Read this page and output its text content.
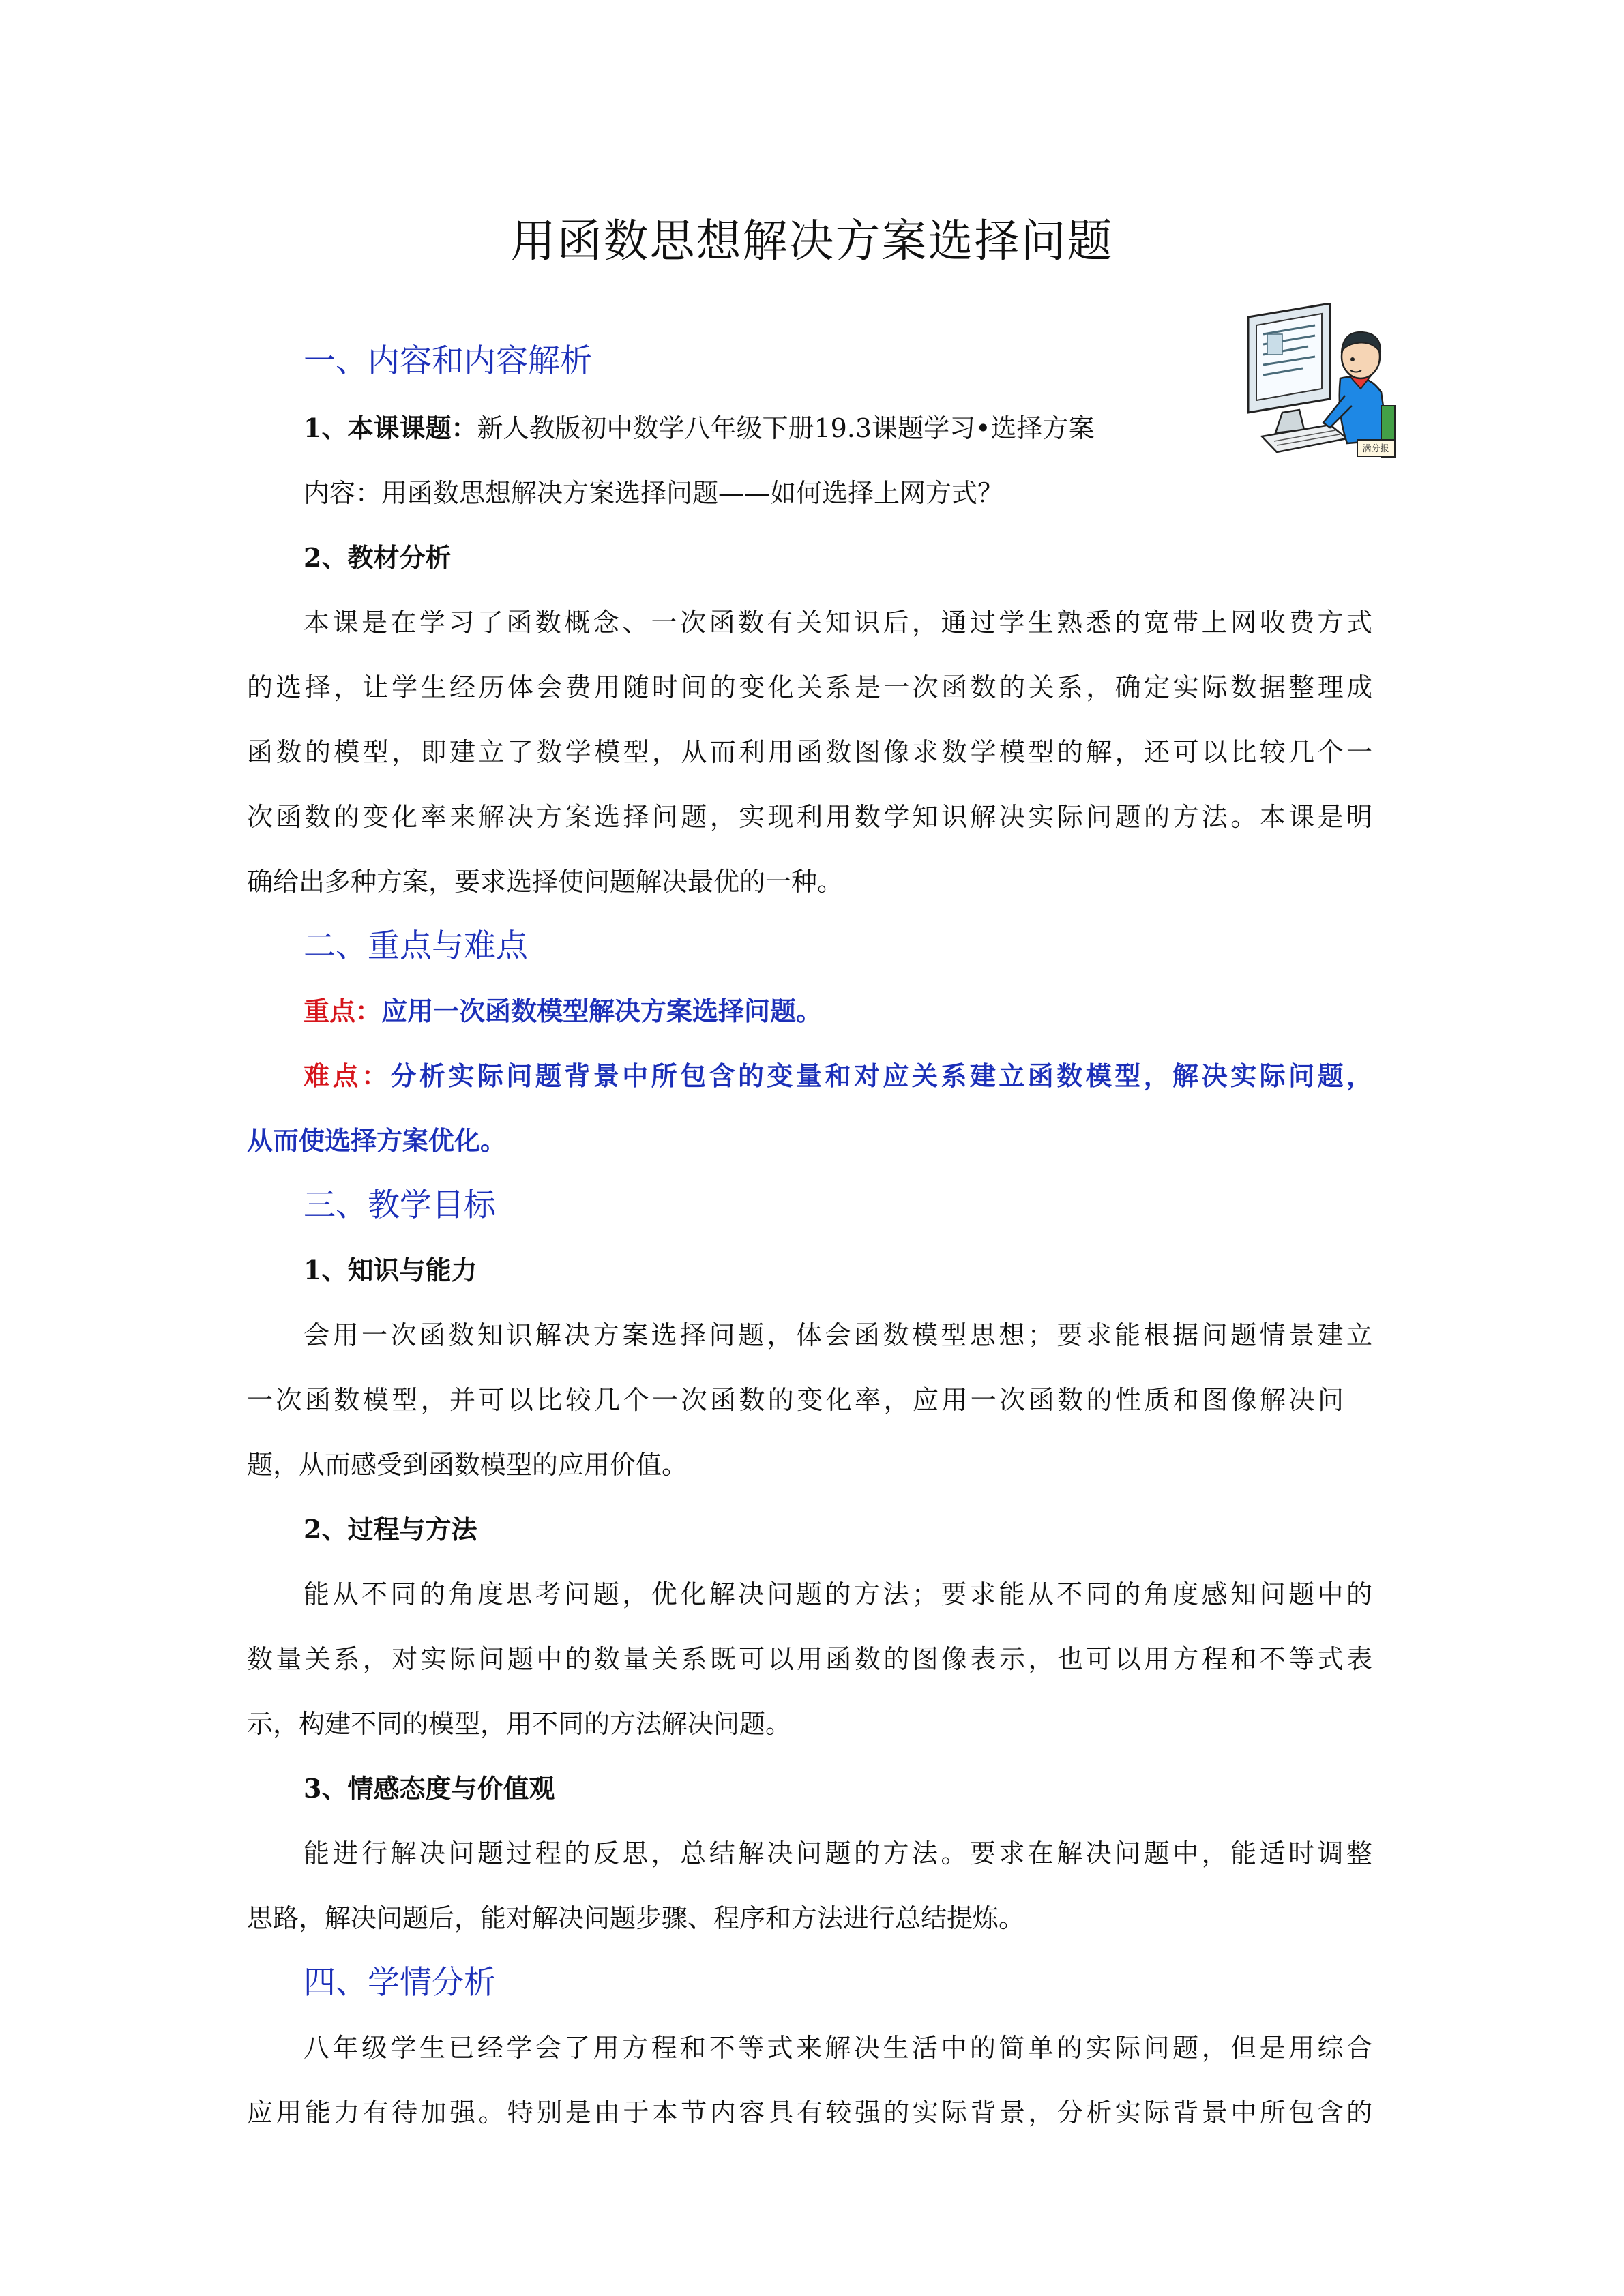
用函数思想解决方案选择问题
满分报
一、内容和内容解析
1、本课课题：新人教版初中数学八年级下册19.3课题学习•选择方案
内容：用函数思想解决方案选择问题——如何选择上网方式？
2、教材分析
本课是在学习了函数概念、一次函数有关知识后，通过学生熟悉的宽带上网收费方式
的选择，让学生经历体会费用随时间的变化关系是一次函数的关系，确定实际数据整理成
函数的模型，即建立了数学模型，从而利用函数图像求数学模型的解，还可以比较几个一
次函数的变化率来解决方案选择问题，实现利用数学知识解决实际问题的方法。本课是明
确给出多种方案，要求选择使问题解决最优的一种。
二、重点与难点
重点：应用一次函数模型解决方案选择问题。
难点：分析实际问题背景中所包含的变量和对应关系建立函数模型，解决实际问题，
从而使选择方案优化。
三、教学目标
1、知识与能力
会用一次函数知识解决方案选择问题，体会函数模型思想；要求能根据问题情景建立
一次函数模型，并可以比较几个一次函数的变化率，应用一次函数的性质和图像解决问
题，从而感受到函数模型的应用价值。
2、过程与方法
能从不同的角度思考问题，优化解决问题的方法；要求能从不同的角度感知问题中的
数量关系，对实际问题中的数量关系既可以用函数的图像表示，也可以用方程和不等式表
示，构建不同的模型，用不同的方法解决问题。
3、情感态度与价值观
能进行解决问题过程的反思，总结解决问题的方法。要求在解决问题中，能适时调整
思路，解决问题后，能对解决问题步骤、程序和方法进行总结提炼。
四、学情分析
八年级学生已经学会了用方程和不等式来解决生活中的简单的实际问题，但是用综合
应用能力有待加强。特别是由于本节内容具有较强的实际背景，分析实际背景中所包含的
